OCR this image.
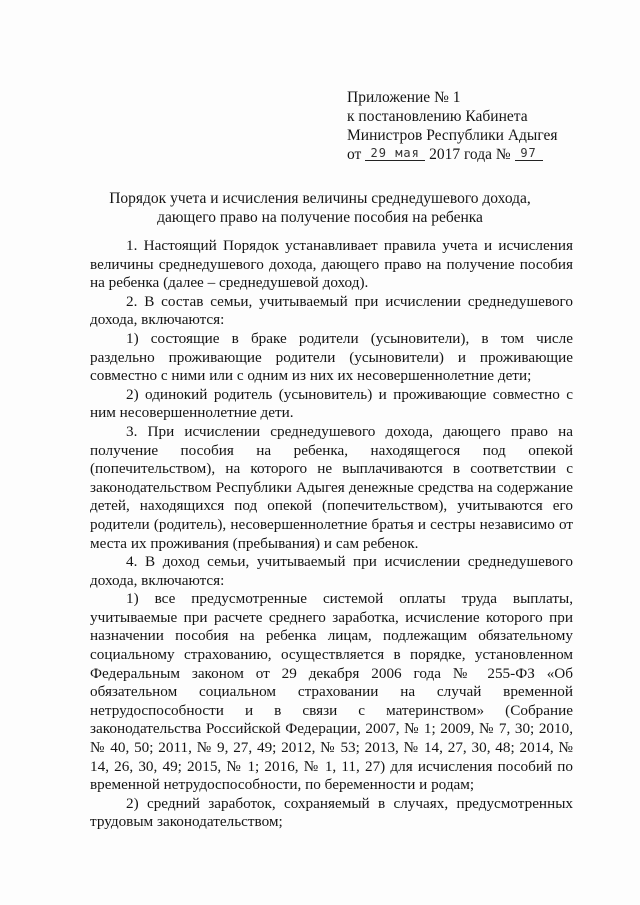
Приложение № 1
к постановлению Кабинета
Министров Республики Адыгея
от 29 мая 2017 года № 97
Порядок учета и исчисления величины среднедушевого дохода,
дающего право на получение пособия на ребенка

1. Настоящий Порядок устанавливает правила учета и исчисления величины среднедушевого дохода, дающего право на получение пособия на ребенка (далее – среднедушевой доход).

2. В состав семьи, учитываемый при исчислении среднедушевого дохода, включаются:

1) состоящие в браке родители (усыновители), в том числе раздельно проживающие родители (усыновители) и проживающие совместно с ними или с одним из них их несовершеннолетние дети;

2) одинокий родитель (усыновитель) и проживающие совместно с ним несовершеннолетние дети.

3. При исчислении среднедушевого дохода, дающего право на получение пособия на ребенка, находящегося под опекой (попечительством), на которого не выплачиваются в соответствии с законодательством Республики Адыгея денежные средства на содержание детей, находящихся под опекой (попечительством), учитываются его родители (родитель), несовершеннолетние братья и сестры независимо от места их проживания (пребывания) и сам ребенок.

4. В доход семьи, учитываемый при исчислении среднедушевого дохода, включаются:

1) все предусмотренные системой оплаты труда выплаты, учитываемые при расчете среднего заработка, исчисление которого при назначении пособия на ребенка лицам, подлежащим обязательному социальному страхованию, осуществляется в порядке, установленном Федеральным законом от 29 декабря 2006 года № 255-ФЗ «Об обязательном социальном страховании на случай временной нетрудоспособности и в связи с материнством» (Собрание законодательства Российской Федерации, 2007, № 1; 2009, № 7, 30; 2010, № 40, 50; 2011, № 9, 27, 49; 2012, № 53; 2013, № 14, 27, 30, 48; 2014, № 14, 26, 30, 49; 2015, № 1; 2016, № 1, 11, 27) для исчисления пособий по временной нетрудоспособности, по беременности и родам;

2) средний заработок, сохраняемый в случаях, предусмотренных трудовым законодательством;
